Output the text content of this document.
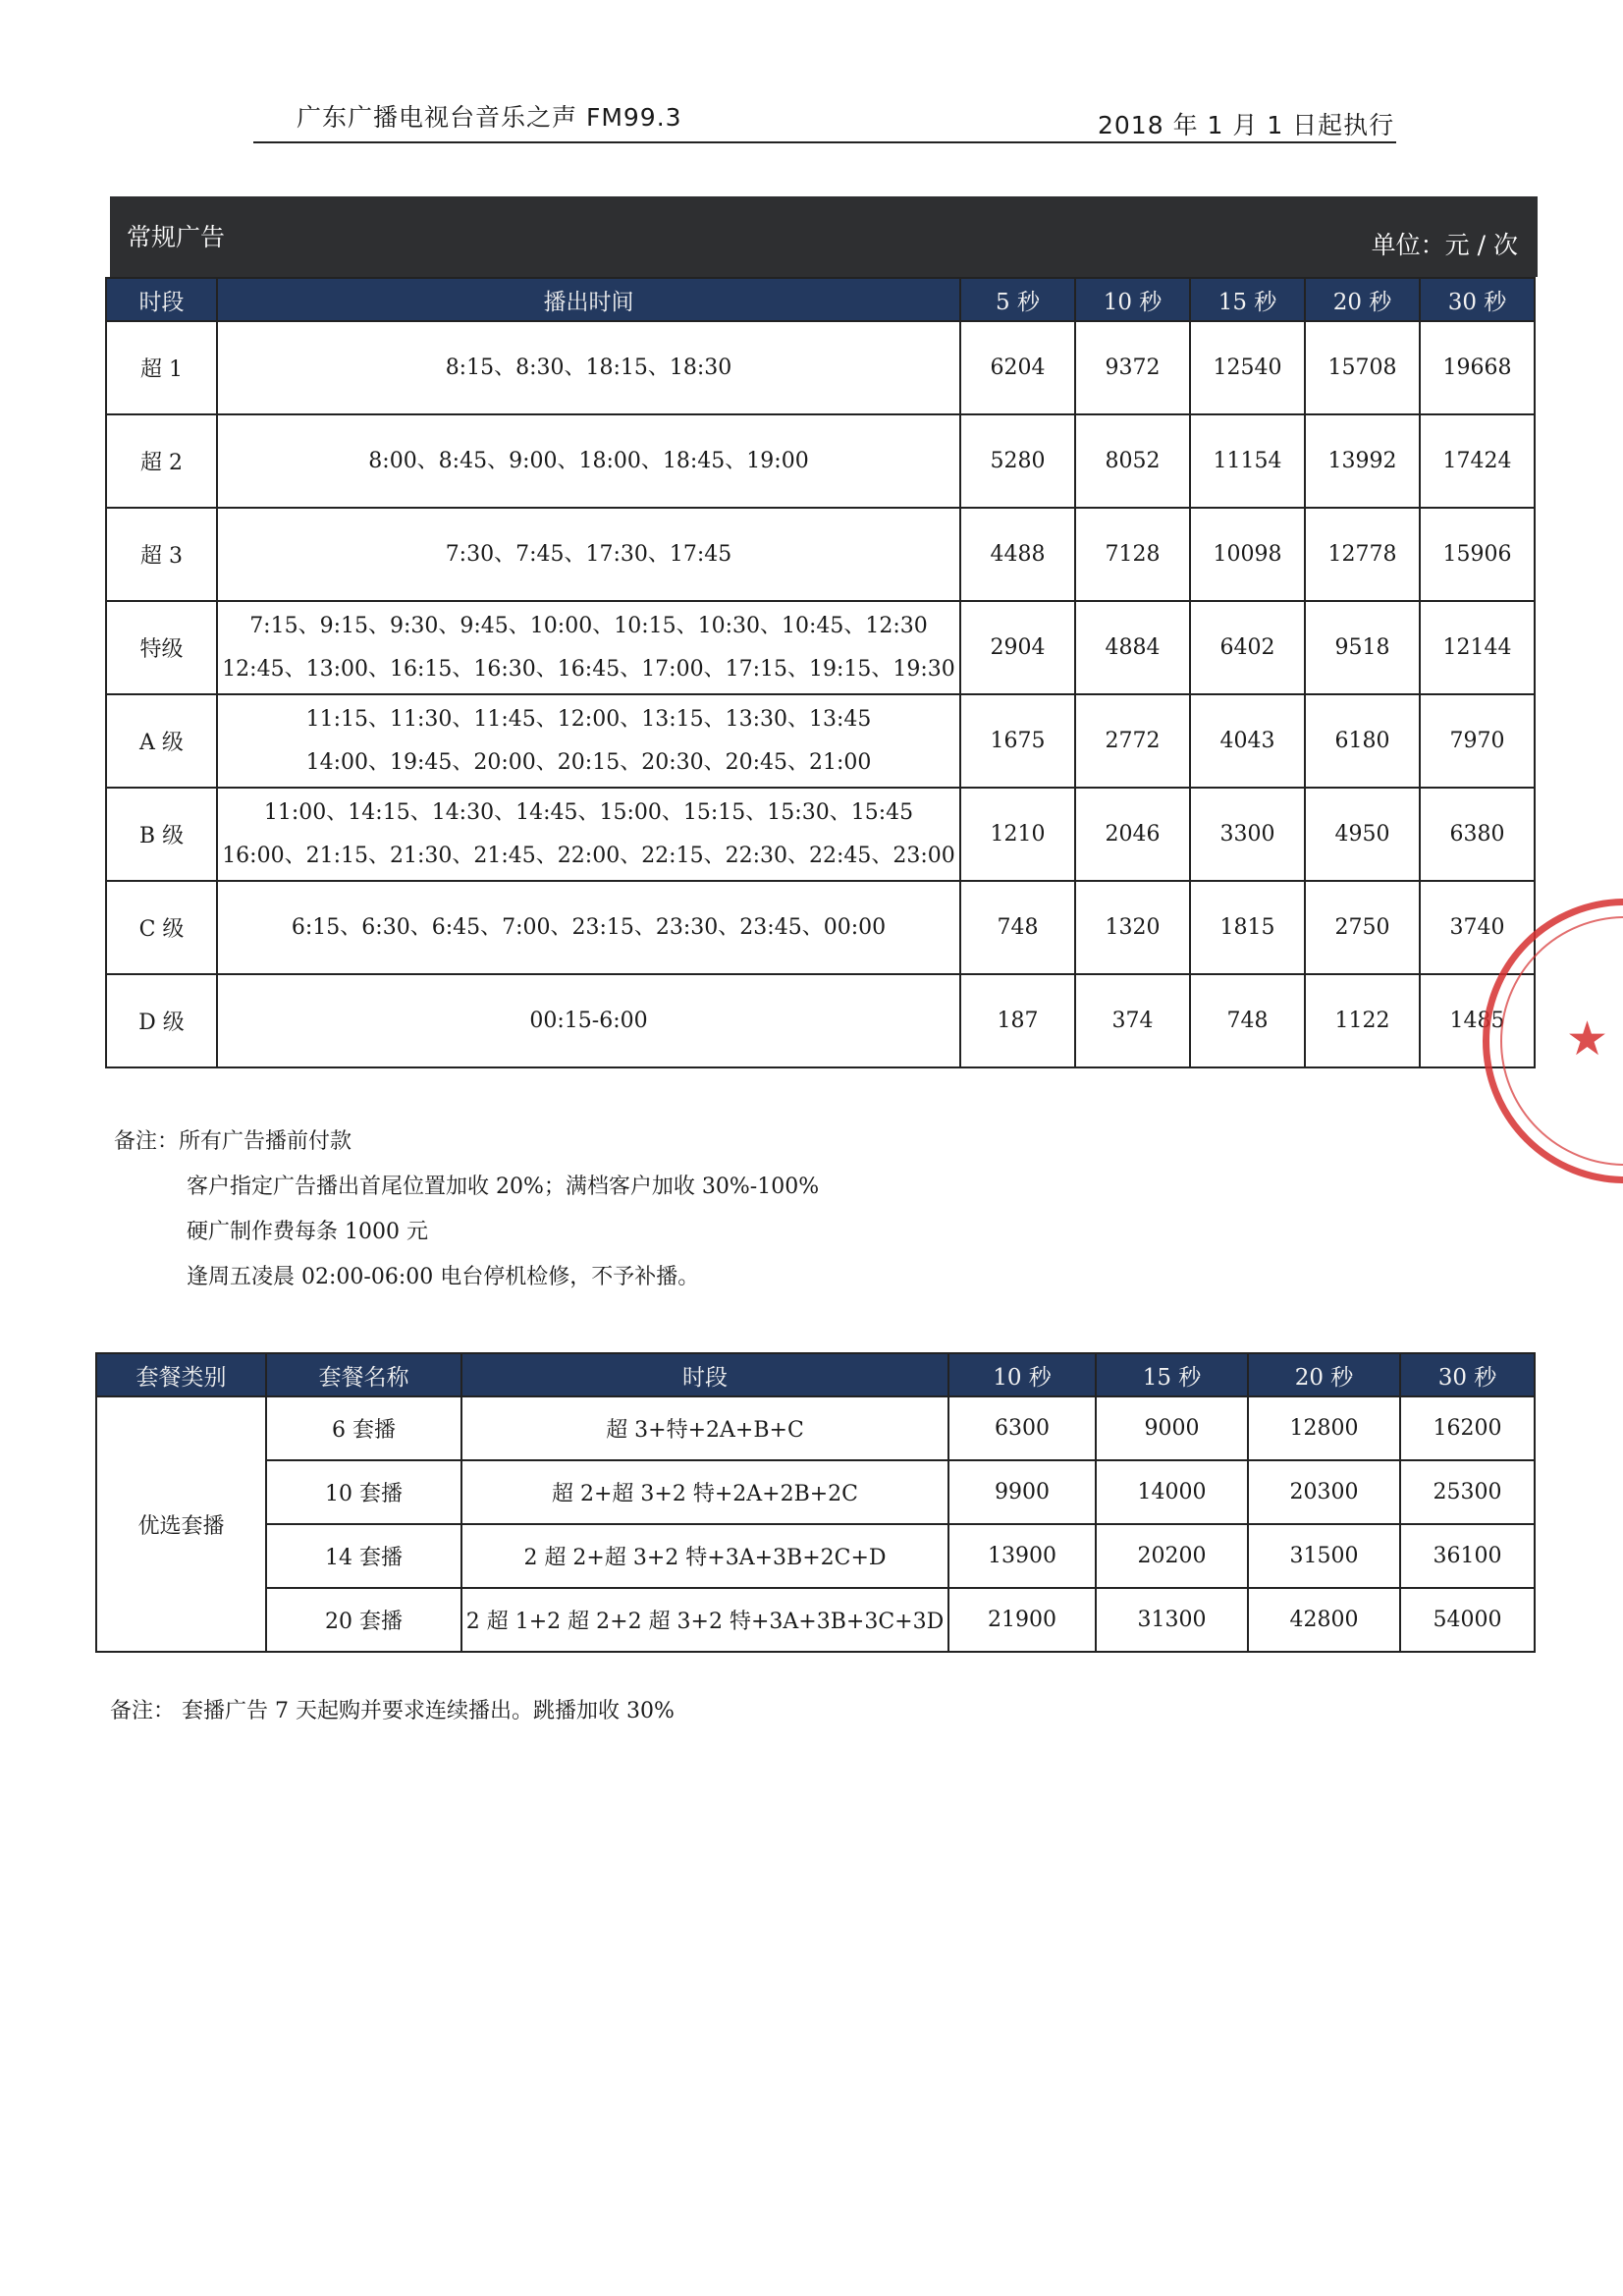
广东广播电视台音乐之声 FM99.3	2018 年 1 月 1 日起执行
常规广告	单位：元 / 次
时段	播出时间	5 秒	10 秒	15 秒	20 秒	30 秒
超 1	8:15、8:30、18:15、18:30	6204	9372	12540	15708	19668
超 2	8:00、8:45、9:00、18:00、18:45、19:00	5280	8052	11154	13992	17424
超 3	7:30、7:45、17:30、17:45	4488	7128	10098	12778	15906
特级	7:15、9:15、9:30、9:45、10:00、10:15、10:30、10:45、12:30
12:45、13:00、16:15、16:30、16:45、17:00、17:15、19:15、19:30	2904	4884	6402	9518	12144
A 级	11:15、11:30、11:45、12:00、13:15、13:30、13:45
14:00、19:45、20:00、20:15、20:30、20:45、21:00	1675	2772	4043	6180	7970
B 级	11:00、14:15、14:30、14:45、15:00、15:15、15:30、15:45
16:00、21:15、21:30、21:45、22:00、22:15、22:30、22:45、23:00	1210	2046	3300	4950	6380
C 级	6:15、6:30、6:45、7:00、23:15、23:30、23:45、00:00	748	1320	1815	2750	3740
D 级	00:15-6:00	187	374	748	1122	1485
备注：所有广告播前付款
客户指定广告播出首尾位置加收 20%；满档客户加收 30%-100%
硬广制作费每条 1000 元
逢周五凌晨 02:00-06:00 电台停机检修，不予补播。
套餐类别	套餐名称	时段	10 秒	15 秒	20 秒	30 秒
优选套播	6 套播	超 3+特+2A+B+C	6300	9000	12800	16200
	10 套播	超 2+超 3+2 特+2A+2B+2C	9900	14000	20300	25300
	14 套播	2 超 2+超 3+2 特+3A+3B+2C+D	13900	20200	31500	36100
	20 套播	2 超 1+2 超 2+2 超 3+2 特+3A+3B+3C+3D	21900	31300	42800	54000
备注： 套播广告 7 天起购并要求连续播出。跳播加收 30%
★
